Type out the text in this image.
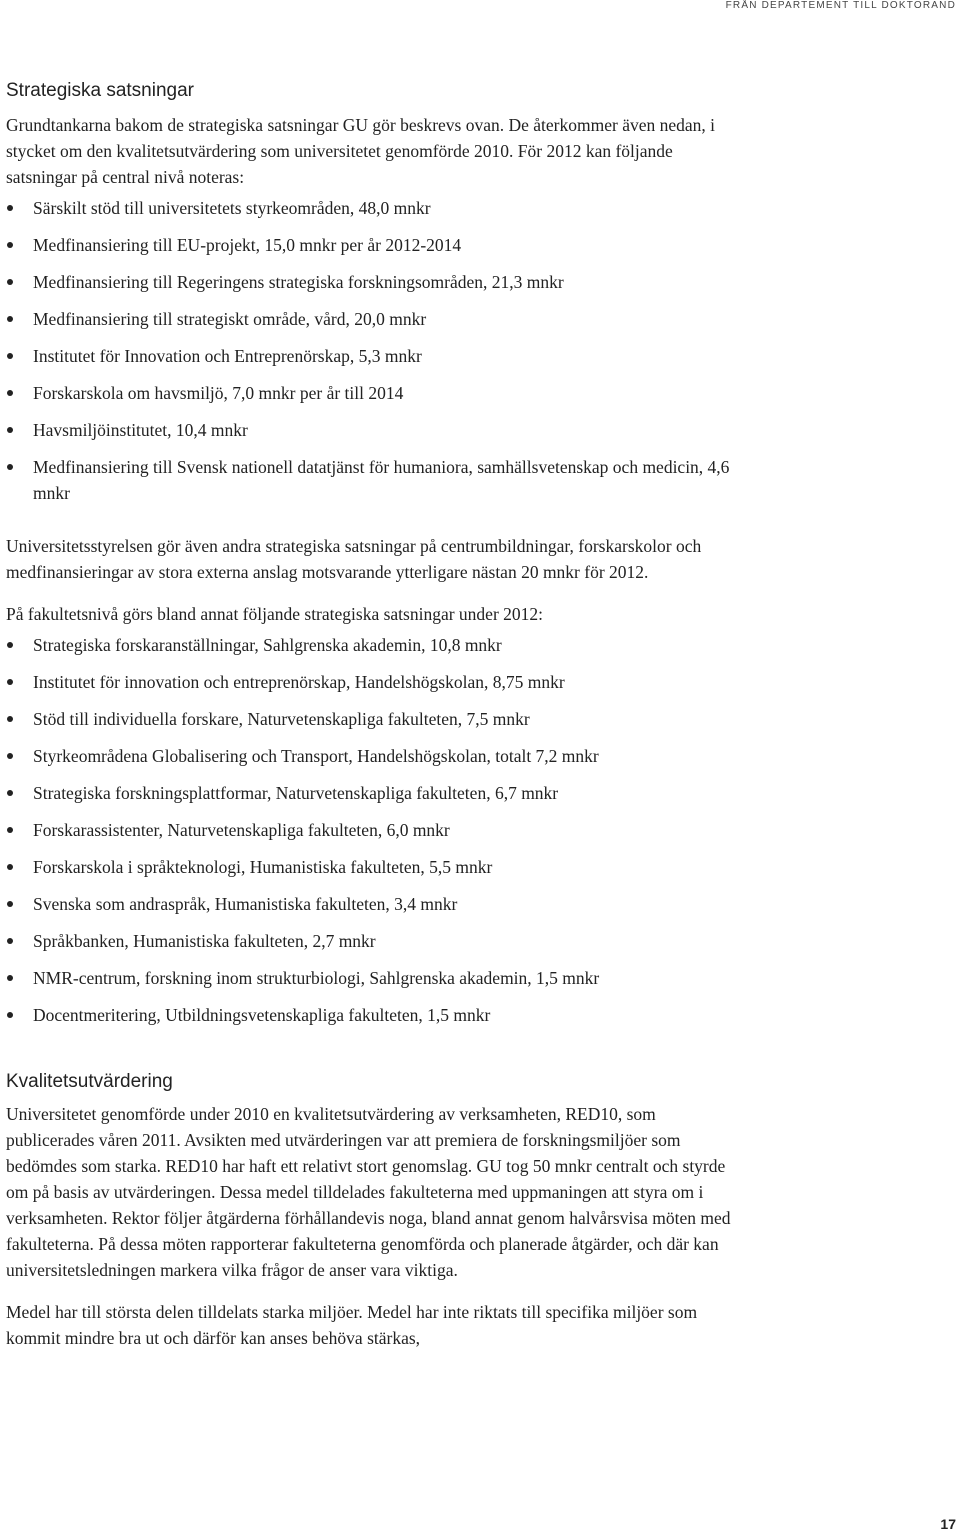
FRÅN DEPARTEMENT TILL DOKTORAND
Strategiska satsningar

Grundtankarna bakom de strategiska satsningar GU gör beskrevs ovan. De återkommer även nedan, i stycket om den kvalitetsutvärdering som universitetet genomförde 2010. För 2012 kan följande satsningar på central nivå noteras:

Särskilt stöd till universitetets styrkeområden, 48,0 mnkr
Medfinansiering till EU-projekt, 15,0 mnkr per år 2012-2014
Medfinansiering till Regeringens strategiska forskningsområden, 21,3 mnkr
Medfinansiering till strategiskt område, vård, 20,0 mnkr
Institutet för Innovation och Entreprenörskap, 5,3 mnkr
Forskarskola om havsmiljö, 7,0 mnkr per år till 2014
Havsmiljöinstitutet, 10,4 mnkr
Medfinansiering till Svensk nationell datatjänst för humaniora, samhällsvetenskap och medicin, 4,6 mnkr

Universitetsstyrelsen gör även andra strategiska satsningar på centrumbildningar, forskarskolor och medfinansieringar av stora externa anslag motsvarande ytterligare nästan 20 mnkr för 2012.

På fakultetsnivå görs bland annat följande strategiska satsningar under 2012:

Strategiska forskaranställningar, Sahlgrenska akademin, 10,8 mnkr
Institutet för innovation och entreprenörskap, Handelshögskolan, 8,75 mnkr
Stöd till individuella forskare, Naturvetenskapliga fakulteten, 7,5 mnkr
Styrkeområdena Globalisering och Transport, Handelshögskolan, totalt 7,2 mnkr
Strategiska forskningsplattformar, Naturvetenskapliga fakulteten, 6,7 mnkr
Forskarassistenter, Naturvetenskapliga fakulteten, 6,0 mnkr
Forskarskola i språkteknologi, Humanistiska fakulteten, 5,5 mnkr
Svenska som andraspråk, Humanistiska fakulteten, 3,4 mnkr
Språkbanken, Humanistiska fakulteten, 2,7 mnkr
NMR-centrum, forskning inom strukturbiologi, Sahlgrenska akademin, 1,5 mnkr
Docentmeritering, Utbildningsvetenskapliga fakulteten, 1,5 mnkr
Kvalitetsutvärdering

Universitetet genomförde under 2010 en kvalitetsutvärdering av verksamheten, RED10, som publicerades våren 2011. Avsikten med utvärderingen var att premiera de forskningsmiljöer som bedömdes som starka. RED10 har haft ett relativt stort genomslag. GU tog 50 mnkr centralt och styrde om på basis av utvärderingen. Dessa medel tilldelades fakulteterna med uppmaningen att styra om i verksamheten. Rektor följer åtgärderna förhållandevis noga, bland annat genom halvårsvisa möten med fakulteterna. På dessa möten rapporterar fakulteterna genomförda och planerade åtgärder, och där kan universitetsledningen markera vilka frågor de anser vara viktiga.

Medel har till största delen tilldelats starka miljöer. Medel har inte riktats till specifika miljöer som kommit mindre bra ut och därför kan anses behöva stärkas,

17
